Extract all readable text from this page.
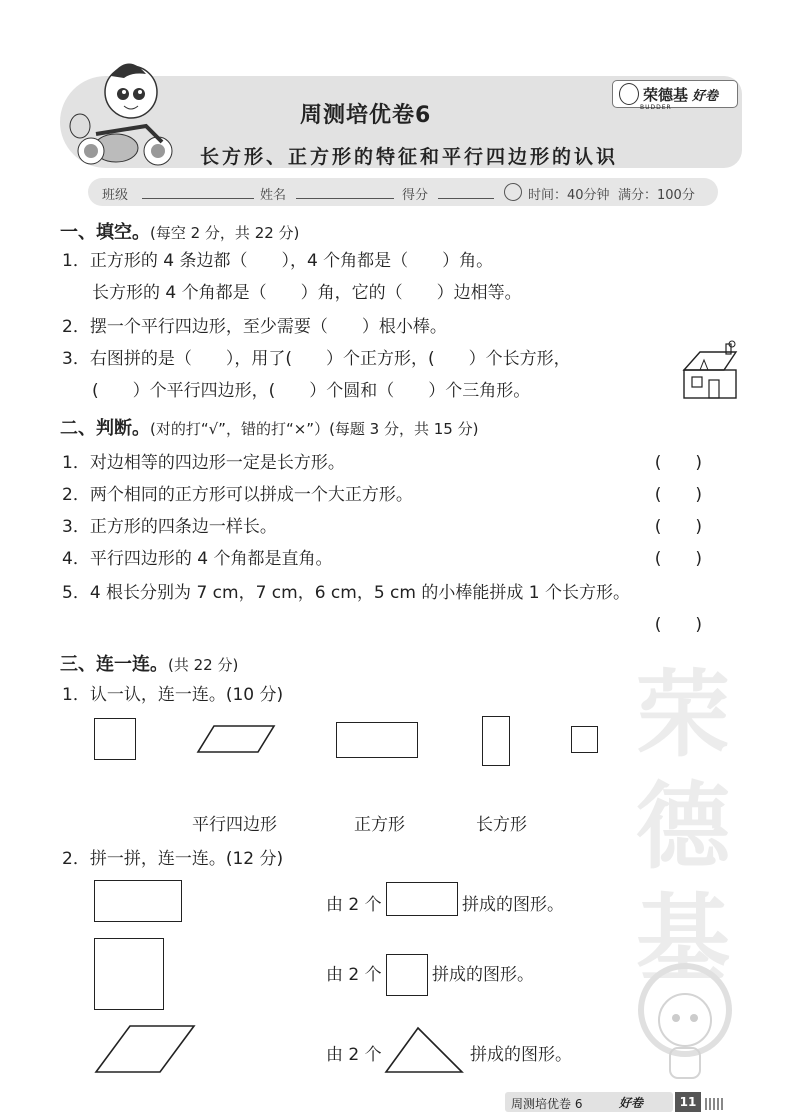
周测培优卷6
长方形、正方形的特征和平行四边形的认识
荣德基 好卷
BUDDER
班级	姓名	得分	时间：40分钟 满分：100分
荣德基
一、填空。(每空 2 分，共 22 分)
1．正方形的 4 条边都（　　），4 个角都是（　　）角。
长方形的 4 个角都是（　　）角，它的（　　）边相等。
2．摆一个平行四边形，至少需要（　　）根小棒。
3．右图拼的是（　　），用了(　　）个正方形，(　　）个长方形，
(　　）个平行四边形，(　　）个圆和（　　）个三角形。
二、判断。(对的打“√”，错的打“×”）(每题 3 分，共 15 分)
1．对边相等的四边形一定是长方形。	()
2．两个相同的正方形可以拼成一个大正方形。	()
3．正方形的四条边一样长。	()
4．平行四边形的 4 个角都是直角。	()
5．4 根长分别为 7 cm，7 cm，6 cm，5 cm 的小棒能拼成 1 个长方形。
()
三、连一连。(共 22 分)
1．认一认，连一连。(10 分)
平行四边形	正方形	长方形
2．拼一拼，连一连。(12 分)
由 2 个	拼成的图形。
由 2 个	拼成的图形。
由 2 个	拼成的图形。
周测培优卷 6	好卷	11
